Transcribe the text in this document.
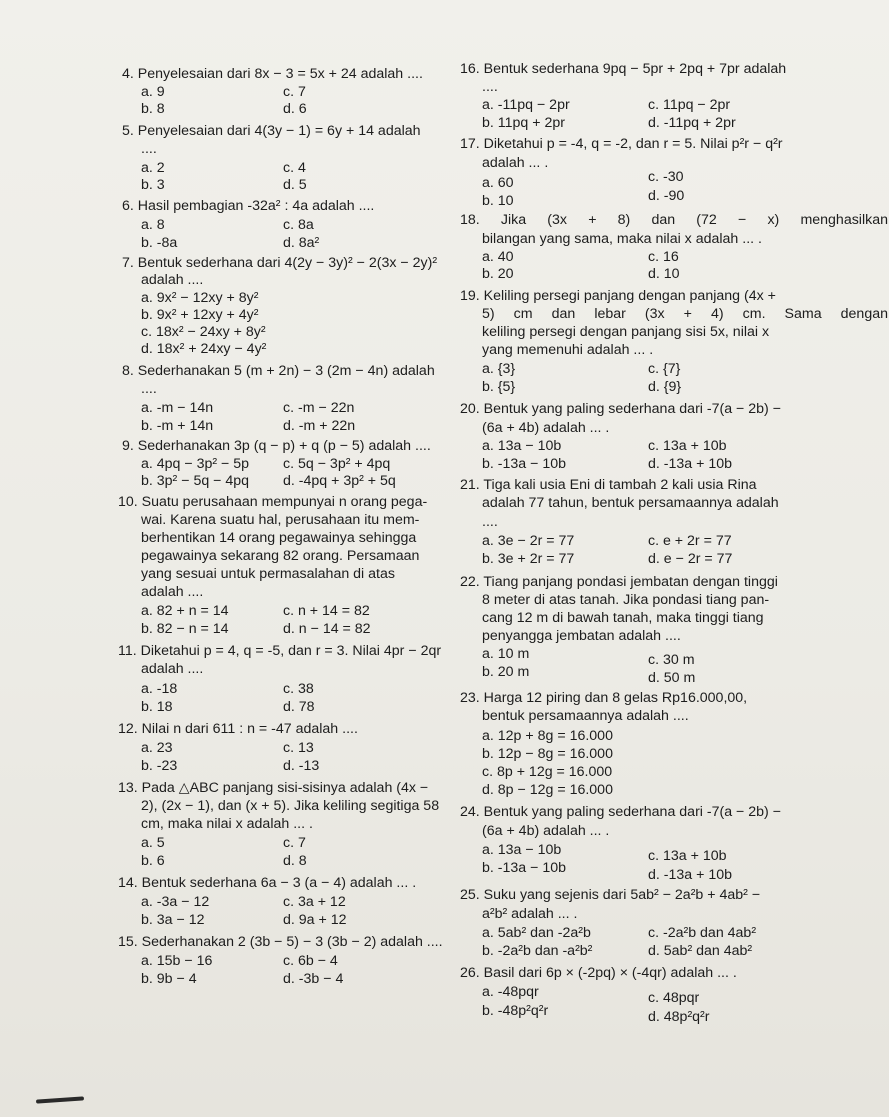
4. Penyelesaian dari 8x − 3 = 5x + 24 adalah ....
a. 9	c. 7
b. 8	d. 6
5. Penyelesaian dari 4(3y − 1) = 6y + 14 adalah
....
a. 2	c. 4
b. 3	d. 5
6. Hasil pembagian -32a² : 4a adalah ....
a. 8	c. 8a
b. -8a	d. 8a²
7. Bentuk sederhana dari 4(2y − 3y)² − 2(3x − 2y)²
adalah ....
a. 9x² − 12xy + 8y²
b. 9x² + 12xy + 4y²
c. 18x² − 24xy + 8y²
d. 18x² + 24xy − 4y²
8. Sederhanakan 5 (m + 2n) − 3 (2m − 4n) adalah
....
a. -m − 14n	c. -m − 22n
b. -m + 14n	d. -m + 22n
9. Sederhanakan 3p (q − p) + q (p − 5) adalah ....
a. 4pq − 3p² − 5p c. 5q − 3p² + 4pq
b. 3p² − 5q − 4pq d. -4pq + 3p² + 5q
10. Suatu perusahaan mempunyai n orang pega-
wai. Karena suatu hal, perusahaan itu mem-
berhentikan 14 orang pegawainya sehingga
pegawainya sekarang 82 orang. Persamaan
yang sesuai untuk permasalahan di atas
adalah ....
a. 82 + n = 14	c. n + 14 = 82
b. 82 − n = 14	d. n − 14 = 82
11. Diketahui p = 4, q = -5, dan r = 3. Nilai 4pr − 2qr
adalah ....
a. -18	c. 38
b. 18	d. 78
12. Nilai n dari 611 : n = -47 adalah ....
a. 23	c. 13
b. -23	d. -13
13. Pada △ABC panjang sisi-sisinya adalah (4x −
2), (2x − 1), dan (x + 5). Jika keliling segitiga 58
cm, maka nilai x adalah ... .
a. 5	c. 7
b. 6	d. 8
14. Bentuk sederhana 6a − 3 (a − 4) adalah ... .
a. -3a − 12	c. 3a + 12
b. 3a − 12	d. 9a + 12
15. Sederhanakan 2 (3b − 5) − 3 (3b − 2) adalah ....
a. 15b − 16	c. 6b − 4
b. 9b − 4	d. -3b − 4
16. Bentuk sederhana 9pq − 5pr + 2pq + 7pr adalah
....
a. -11pq − 2pr	c. 11pq − 2pr
b. 11pq + 2pr	d. -11pq + 2pr
17. Diketahui p = -4, q = -2, dan r = 5. Nilai p²r − q²r
adalah ... .
a. 60	c. -30
b. 10	d. -90
18. Jika (3x + 8) dan (72 − x) menghasilkan
bilangan yang sama, maka nilai x adalah ... .
a. 40	c. 16
b. 20	d. 10
19. Keliling persegi panjang dengan panjang (4x +
5) cm dan lebar (3x + 4) cm. Sama dengan
keliling persegi dengan panjang sisi 5x, nilai x
yang memenuhi adalah ... .
a. {3}	c. {7}
b. {5}	d. {9}
20. Bentuk yang paling sederhana dari -7(a − 2b) −
(6a + 4b) adalah ... .
a. 13a − 10b	c. 13a + 10b
b. -13a − 10b	d. -13a + 10b
21. Tiga kali usia Eni di tambah 2 kali usia Rina
adalah 77 tahun, bentuk persamaannya adalah
....
a. 3e − 2r = 77	c. e + 2r = 77
b. 3e + 2r = 77	d. e − 2r = 77
22. Tiang panjang pondasi jembatan dengan tinggi
8 meter di atas tanah. Jika pondasi tiang pan-
cang 12 m di bawah tanah, maka tinggi tiang
penyangga jembatan adalah ....
a. 10 m	c. 30 m
b. 20 m	d. 50 m
23. Harga 12 piring dan 8 gelas Rp16.000,00,
bentuk persamaannya adalah ....
a. 12p + 8g = 16.000
b. 12p − 8g = 16.000
c. 8p + 12g = 16.000
d. 8p − 12g = 16.000
24. Bentuk yang paling sederhana dari -7(a − 2b) −
(6a + 4b) adalah ... .
a. 13a − 10b	c. 13a + 10b
b. -13a − 10b	d. -13a + 10b
25. Suku yang sejenis dari 5ab² − 2a²b + 4ab² −
a²b² adalah ... .
a. 5ab² dan -2a²b	c. -2a²b dan 4ab²
b. -2a²b dan -a²b²	d. 5ab² dan 4ab²
26. Basil dari 6p × (-2pq) × (-4qr) adalah ... .
a. -48pqr	c. 48pqr
b. -48p²q²r	d. 48p²q²r
